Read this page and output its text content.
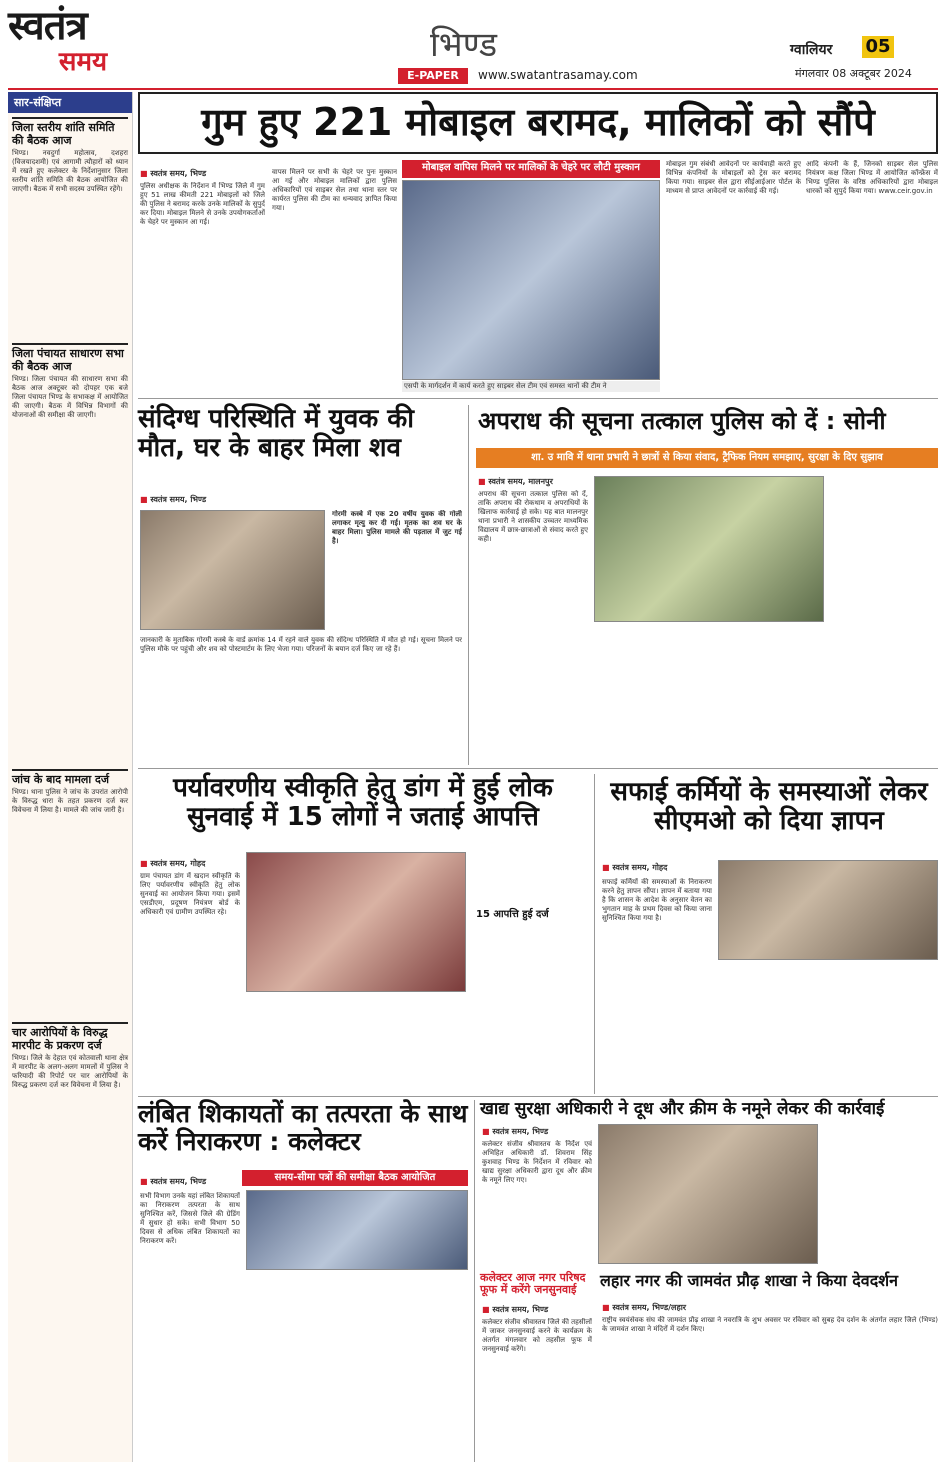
स्वतंत्र
समय	भिण्ड
E-PAPER	www.swatantrasamay.com
ग्वालियर 05
मंगलवार 08 अक्टूबर 2024
सार-संक्षिप्त
जिला स्तरीय शांति समिति की बैठक आज
भिण्ड। नवदुर्गा महोत्सव, दशहरा (विजयादशमी) एवं आगामी त्यौहारों को ध्यान में रखते हुए कलेक्टर के निर्देशानुसार जिला स्तरीय शांति समिति की बैठक आयोजित की जाएगी। बैठक में सभी सदस्य उपस्थित रहेंगे।
जिला पंचायत साधारण सभा की बैठक आज
भिण्ड। जिला पंचायत की साधारण सभा की बैठक आज अक्टूबर को दोपहर एक बजे जिला पंचायत भिण्ड के सभाकक्ष में आयोजित की जाएगी। बैठक में विभिन्न विभागों की योजनाओं की समीक्षा की जाएगी।
जांच के बाद मामला दर्ज
भिण्ड। थाना पुलिस ने जांच के उपरांत आरोपी के विरुद्ध धारा के तहत प्रकरण दर्ज कर विवेचना में लिया है। मामले की जांच जारी है।
चार आरोपियों के विरुद्ध मारपीट के प्रकरण दर्ज
भिण्ड। जिले के देहात एवं कोतवाली थाना क्षेत्र में मारपीट के अलग-अलग मामलों में पुलिस ने फरियादी की रिपोर्ट पर चार आरोपियों के विरुद्ध प्रकरण दर्ज कर विवेचना में लिया है।
गुम हुए 221 मोबाइल बरामद, मालिकों को सौंपे
■ स्वतंत्र समय, भिण्ड
पुलिस अधीक्षक के निर्देशन में भिण्ड जिले में गुम हुए 51 लाख कीमती 221 मोबाइलों को जिले की पुलिस ने बरामद करके उनके मालिकों के सुपुर्द कर दिया। मोबाइल मिलने से उनके उपयोगकर्ताओं के चेहरे पर मुस्कान आ गई।
वापस मिलने पर सभी के चेहरे पर पुनः मुस्कान आ गई और मोबाइल मालिकों द्वारा पुलिस अधिकारियों एवं साइबर सेल तथा थाना स्तर पर कार्यरत पुलिस की टीम का धन्यवाद ज्ञापित किया गया।
मोबाइल वापिस मिलने पर मालिकों के चेहरे पर लौटी मुस्कान
एसपी के मार्गदर्शन में कार्य करते हुए साइबर सेल टीम एवं समस्त थानों की टीम ने
मोबाइल गुम संबंधी आवेदनों पर कार्यवाही करते हुए विभिन्न कंपनियों के मोबाइलों को ट्रेस कर बरामद किया गया। साइबर सेल द्वारा सीईआईआर पोर्टल के माध्यम से प्राप्त आवेदनों पर कार्रवाई की गई।
आदि कंपनी के हैं, जिनको साइबर सेल पुलिस नियंत्रण कक्ष जिला भिण्ड में आयोजित कॉन्फ्रेंस में भिण्ड पुलिस के वरिष्ठ अधिकारियों द्वारा मोबाइल धारकों को सुपुर्द किया गया। www.ceir.gov.in
संदिग्ध परिस्थिति में युवक की मौत, घर के बाहर मिला शव
■ स्वतंत्र समय, भिण्ड
गोरमी कस्बे में एक 20 वर्षीय युवक की गोली लगाकर मृत्यु कर दी गई। मृतक का शव घर के बाहर मिला। पुलिस मामले की पड़ताल में जुट गई है।
जानकारी के मुताबिक गोरमी कस्बे के वार्ड क्रमांक 14 में रहने वाले युवक की संदिग्ध परिस्थिति में मौत हो गई। सूचना मिलने पर पुलिस मौके पर पहुंची और शव को पोस्टमार्टम के लिए भेजा गया। परिजनों के बयान दर्ज किए जा रहे हैं।
अपराध की सूचना तत्काल पुलिस को दें : सोनी
शा. उ मावि में थाना प्रभारी ने छात्रों से किया संवाद, ट्रैफिक नियम समझाए, सुरक्षा के दिए सुझाव
■ स्वतंत्र समय, मालनपुर
अपराध की सूचना तत्काल पुलिस को दें, ताकि अपराध की रोकथाम व अपराधियों के खिलाफ कार्रवाई हो सके। यह बात मालनपुर थाना प्रभारी ने शासकीय उच्चतर माध्यमिक विद्यालय में छात्र-छात्राओं से संवाद करते हुए कही।
पर्यावरणीय स्वीकृति हेतु डांग में हुई लोक सुनवाई में 15 लोगों ने जताई आपत्ति
■ स्वतंत्र समय, गोहद
ग्राम पंचायत डांग में खदान स्वीकृति के लिए पर्यावरणीय स्वीकृति हेतु लोक सुनवाई का आयोजन किया गया। इसमें एसडीएम, प्रदूषण नियंत्रण बोर्ड के अधिकारी एवं ग्रामीण उपस्थित रहे।	15 आपत्ति हुई दर्ज
सफाई कर्मियों के समस्याओं लेकर सीएमओ को दिया ज्ञापन
■ स्वतंत्र समय, गोहद
सफाई कर्मियों की समस्याओं के निराकरण करने हेतु ज्ञापन सौंपा। ज्ञापन में बताया गया है कि शासन के आदेश के अनुसार वेतन का भुगतान माह के प्रथम दिवस को किया जाना सुनिश्चित किया गया है।
लंबित शिकायतों का तत्परता के साथ करें निराकरण : कलेक्टर
■ स्वतंत्र समय, भिण्ड	समय-सीमा पत्रों की समीक्षा बैठक आयोजित
सभी विभाग उनके यहां लंबित शिकायतों का निराकरण तत्परता के साथ सुनिश्चित करें, जिससे जिले की ग्रेडिंग में सुधार हो सके। सभी विभाग 50 दिवस से अधिक लंबित शिकायतों का निराकरण करें।
खाद्य सुरक्षा अधिकारी ने दूध और क्रीम के नमूने लेकर की कार्रवाई
■ स्वतंत्र समय, भिण्ड
कलेक्टर संजीव श्रीवास्तव के निर्देश एवं अभिहित अधिकारी डॉ. शिवराम सिंह कुशवाह भिण्ड के निर्देशन में रविवार को खाद्य सुरक्षा अधिकारी द्वारा दूध और क्रीम के नमूने लिए गए।
कलेक्टर आज नगर परिषद फूफ में करेंगे जनसुनवाई
■ स्वतंत्र समय, भिण्ड
कलेक्टर संजीव श्रीवास्तव जिले की तहसीलों में जाकर जनसुनवाई करने के कार्यक्रम के अंतर्गत मंगलवार को तहसील फूफ में जनसुनवाई करेंगे।
लहार नगर की जामवंत प्रौढ़ शाखा ने किया देवदर्शन
■ स्वतंत्र समय, भिण्ड/लहार
राष्ट्रीय स्वयंसेवक संघ की जामवंत प्रौढ़ शाखा ने नवरात्रि के शुभ अवसर पर रविवार को सुबह देव दर्शन के अंतर्गत लहार जिले (भिण्ड) के जामवंत शाखा ने मंदिरों में दर्शन किए।
